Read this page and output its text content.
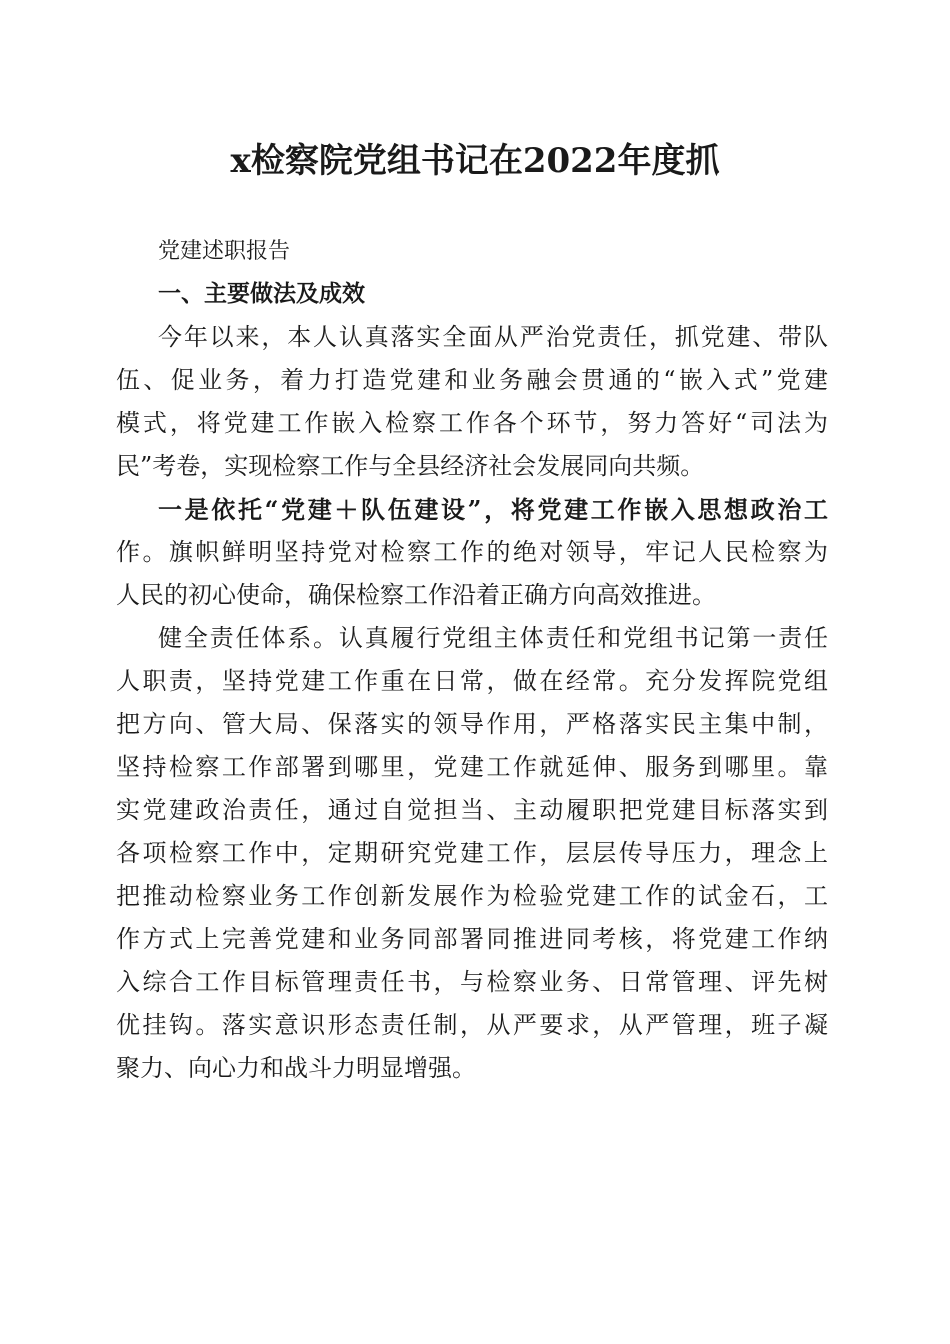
x检察院党组书记在2022年度抓

党建述职报告

一、主要做法及成效

今年以来，本人认真落实全面从严治党责任，抓党建、带队

伍、促业务，着力打造党建和业务融会贯通的“嵌入式”党建

模式，将党建工作嵌入检察工作各个环节，努力答好“司法为

民”考卷，实现检察工作与全县经济社会发展同向共频。

一是依托“党建＋队伍建设”，将党建工作嵌入思想政治工

作。旗帜鲜明坚持党对检察工作的绝对领导，牢记人民检察为

人民的初心使命，确保检察工作沿着正确方向高效推进。

健全责任体系。认真履行党组主体责任和党组书记第一责任

人职责，坚持党建工作重在日常，做在经常。充分发挥院党组

把方向、管大局、保落实的领导作用，严格落实民主集中制，

坚持检察工作部署到哪里，党建工作就延伸、服务到哪里。靠

实党建政治责任，通过自觉担当、主动履职把党建目标落实到

各项检察工作中，定期研究党建工作，层层传导压力，理念上

把推动检察业务工作创新发展作为检验党建工作的试金石，工

作方式上完善党建和业务同部署同推进同考核，将党建工作纳

入综合工作目标管理责任书，与检察业务、日常管理、评先树

优挂钩。落实意识形态责任制，从严要求，从严管理，班子凝

聚力、向心力和战斗力明显增强。
